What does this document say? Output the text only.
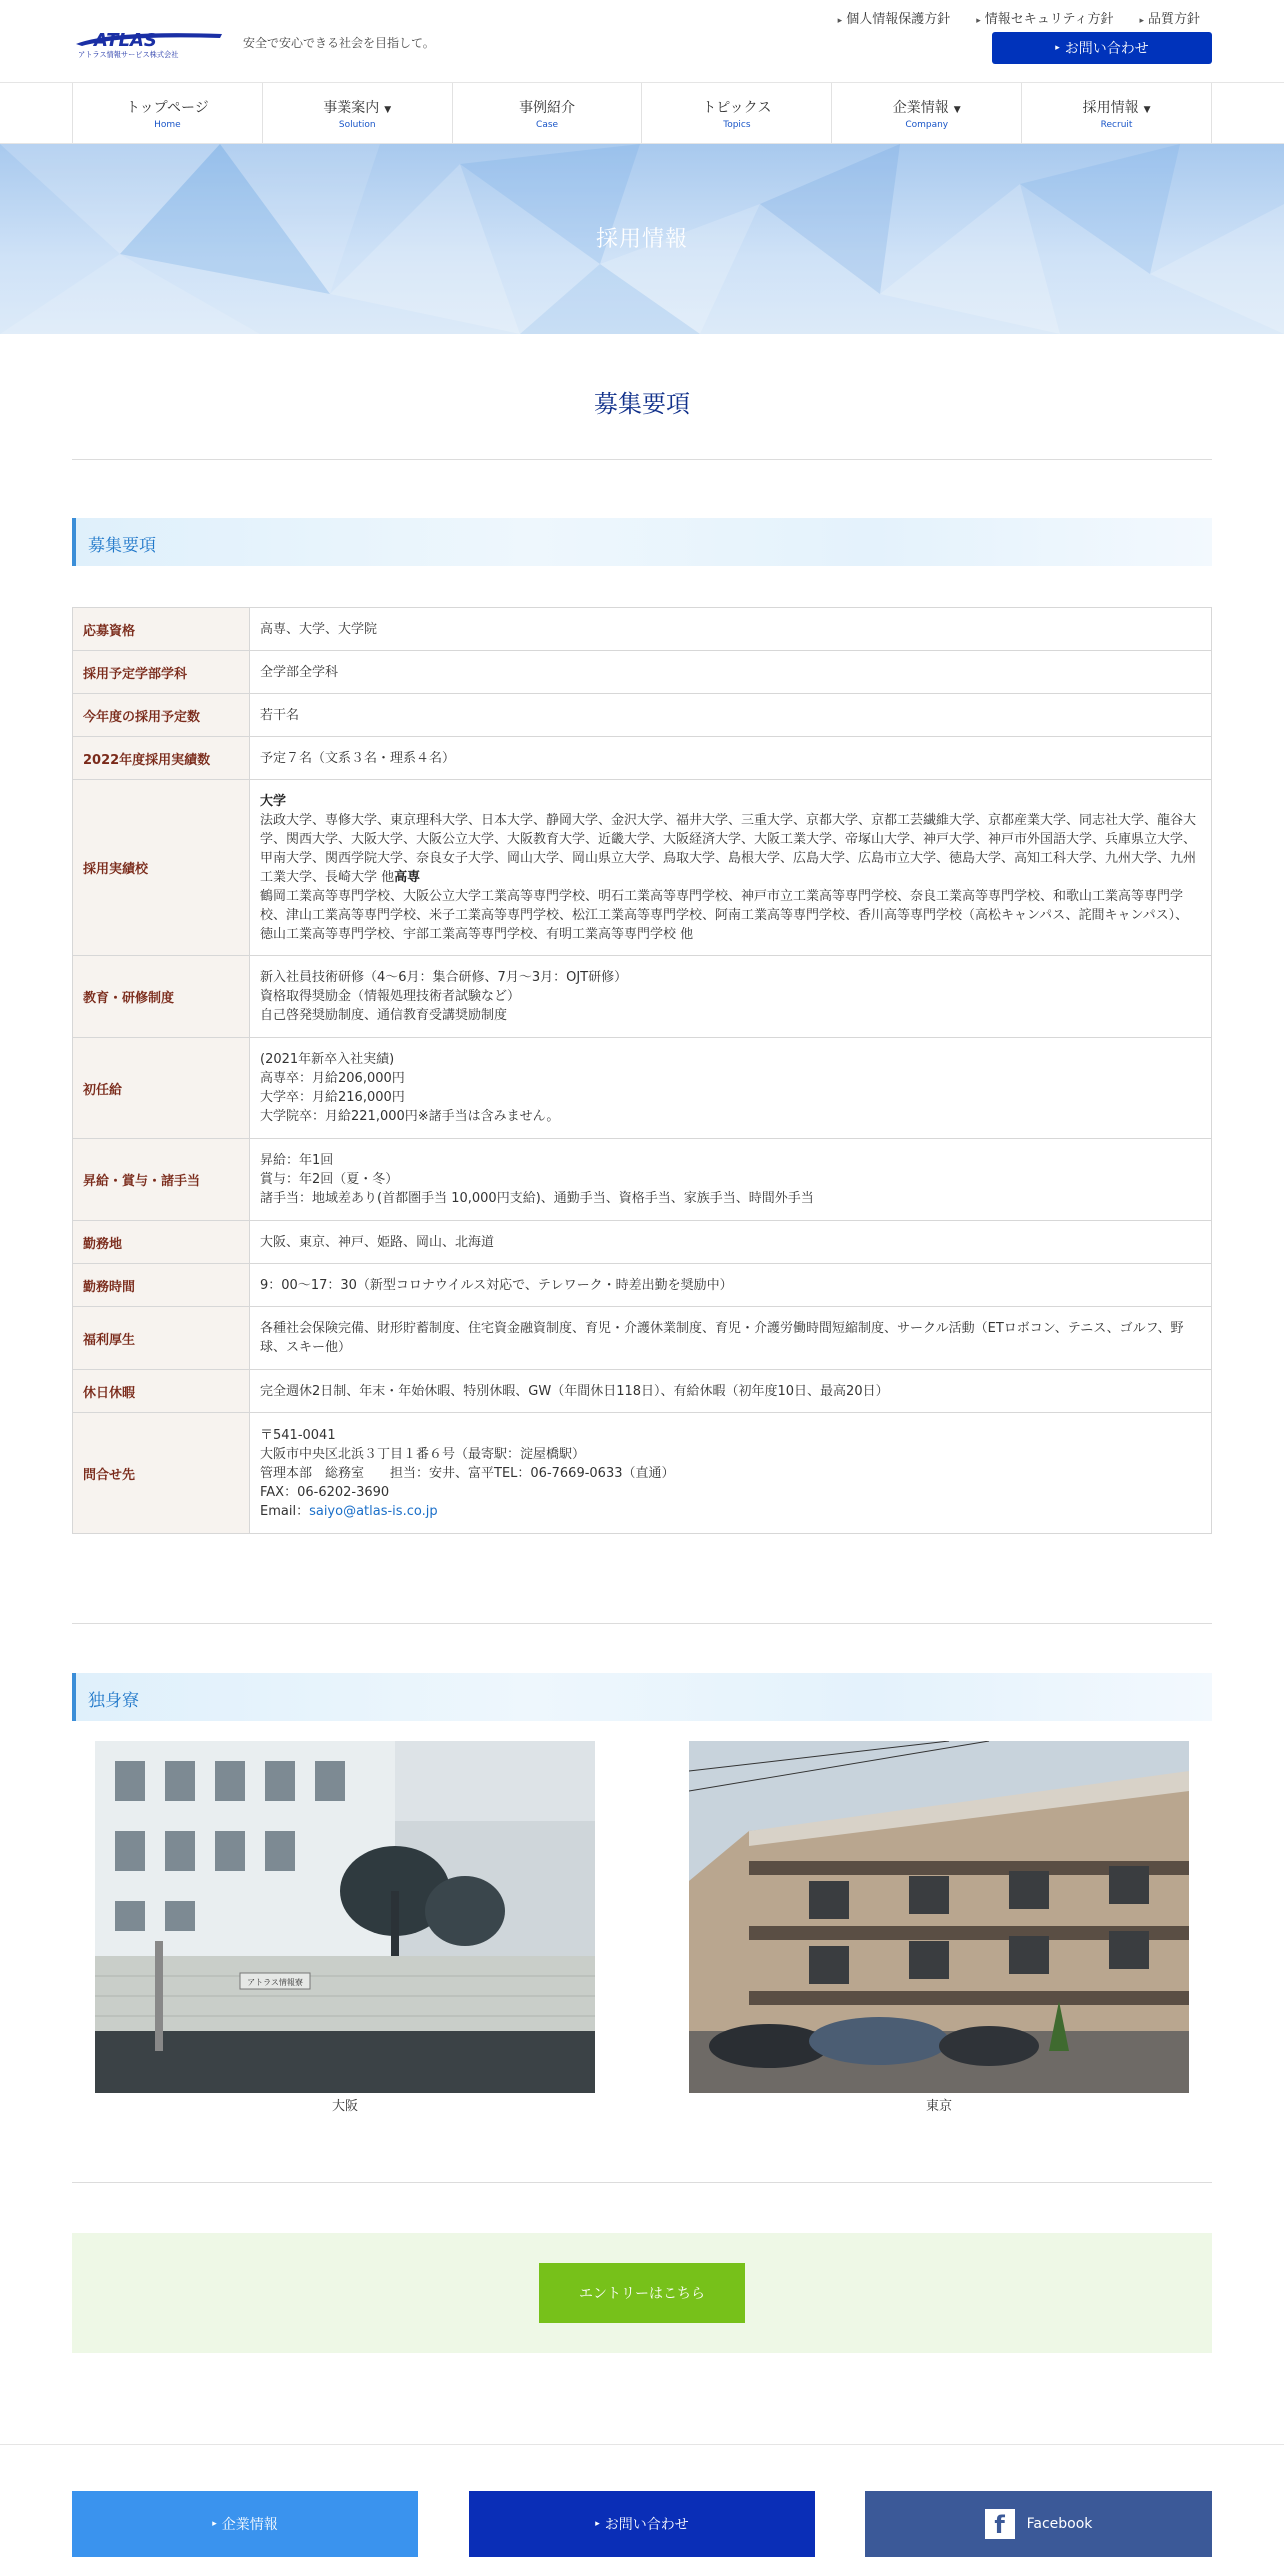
ATLAS
アトラス情報サービス株式会社
安全で安心できる社会を目指して。
▸ 個人情報保護方針	▸ 情報セキュリティ方針	▸ 品質方針
▸ お問い合わせ
トップページ
Home
事業案内 ▼
Solution
事例紹介
Case
トピックス
Topics
企業情報 ▼
Company
採用情報 ▼
Recruit
採用情報
募集要項
募集要項
応募資格	高専、大学、大学院

採用予定学部学科	全学部全学科

今年度の採用予定数	若干名

2022年度採用実績数	予定７名（文系３名・理系４名）

採用実績校	大学
法政大学、専修大学、東京理科大学、日本大学、静岡大学、金沢大学、福井大学、三重大学、京都大学、京都工芸繊維大学、京都産業大学、同志社大学、龍谷大学、関西大学、大阪大学、大阪公立大学、大阪教育大学、近畿大学、大阪経済大学、大阪工業大学、帝塚山大学、神戸大学、神戸市外国語大学、兵庫県立大学、甲南大学、関西学院大学、奈良女子大学、岡山大学、岡山県立大学、鳥取大学、島根大学、広島大学、広島市立大学、徳島大学、高知工科大学、九州大学、九州工業大学、長崎大学 他高専
鶴岡工業高等専門学校、大阪公立大学工業高等専門学校、明石工業高等専門学校、神戸市立工業高等専門学校、奈良工業高等専門学校、和歌山工業高等専門学校、津山工業高等専門学校、米子工業高等専門学校、松江工業高等専門学校、阿南工業高等専門学校、香川高等専門学校（高松キャンパス、詫間キャンパス）、徳山工業高等専門学校、宇部工業高等専門学校、有明工業高等専門学校 他

教育・研修制度	新入社員技術研修（4～6月：集合研修、7月～3月：OJT研修）
資格取得奨励金（情報処理技術者試験など）
自己啓発奨励制度、通信教育受講奨励制度

初任給	(2021年新卒入社実績)
高専卒：月給206,000円
大学卒：月給216,000円
大学院卒：月給221,000円※諸手当は含みません。

昇給・賞与・諸手当	昇給：年1回
賞与：年2回（夏・冬）
諸手当：地域差あり(首都圏手当 10,000円支給)、通勤手当、資格手当、家族手当、時間外手当

勤務地	大阪、東京、神戸、姫路、岡山、北海道

勤務時間	9：00～17：30（新型コロナウイルス対応で、テレワーク・時差出勤を奨励中）

福利厚生	各種社会保険完備、財形貯蓄制度、住宅資金融資制度、育児・介護休業制度、育児・介護労働時間短縮制度、サークル活動（ETロボコン、テニス、ゴルフ、野球、スキー他）

休日休暇	完全週休2日制、年末・年始休暇、特別休暇、GW（年間休日118日）、有給休暇（初年度10日、最高20日）

問合せ先	〒541-0041
大阪市中央区北浜３丁目１番６号（最寄駅：淀屋橋駅）
管理本部　総務室　　担当：安井、富平TEL：06-7669-0633（直通）
FAX：06-6202-3690
Email：saiyo@atlas-is.co.jp
独身寮
アトラス情報寮
大阪	東京
エントリーはこちら
▸ 企業情報	▸ お問い合わせ	f Facebook
